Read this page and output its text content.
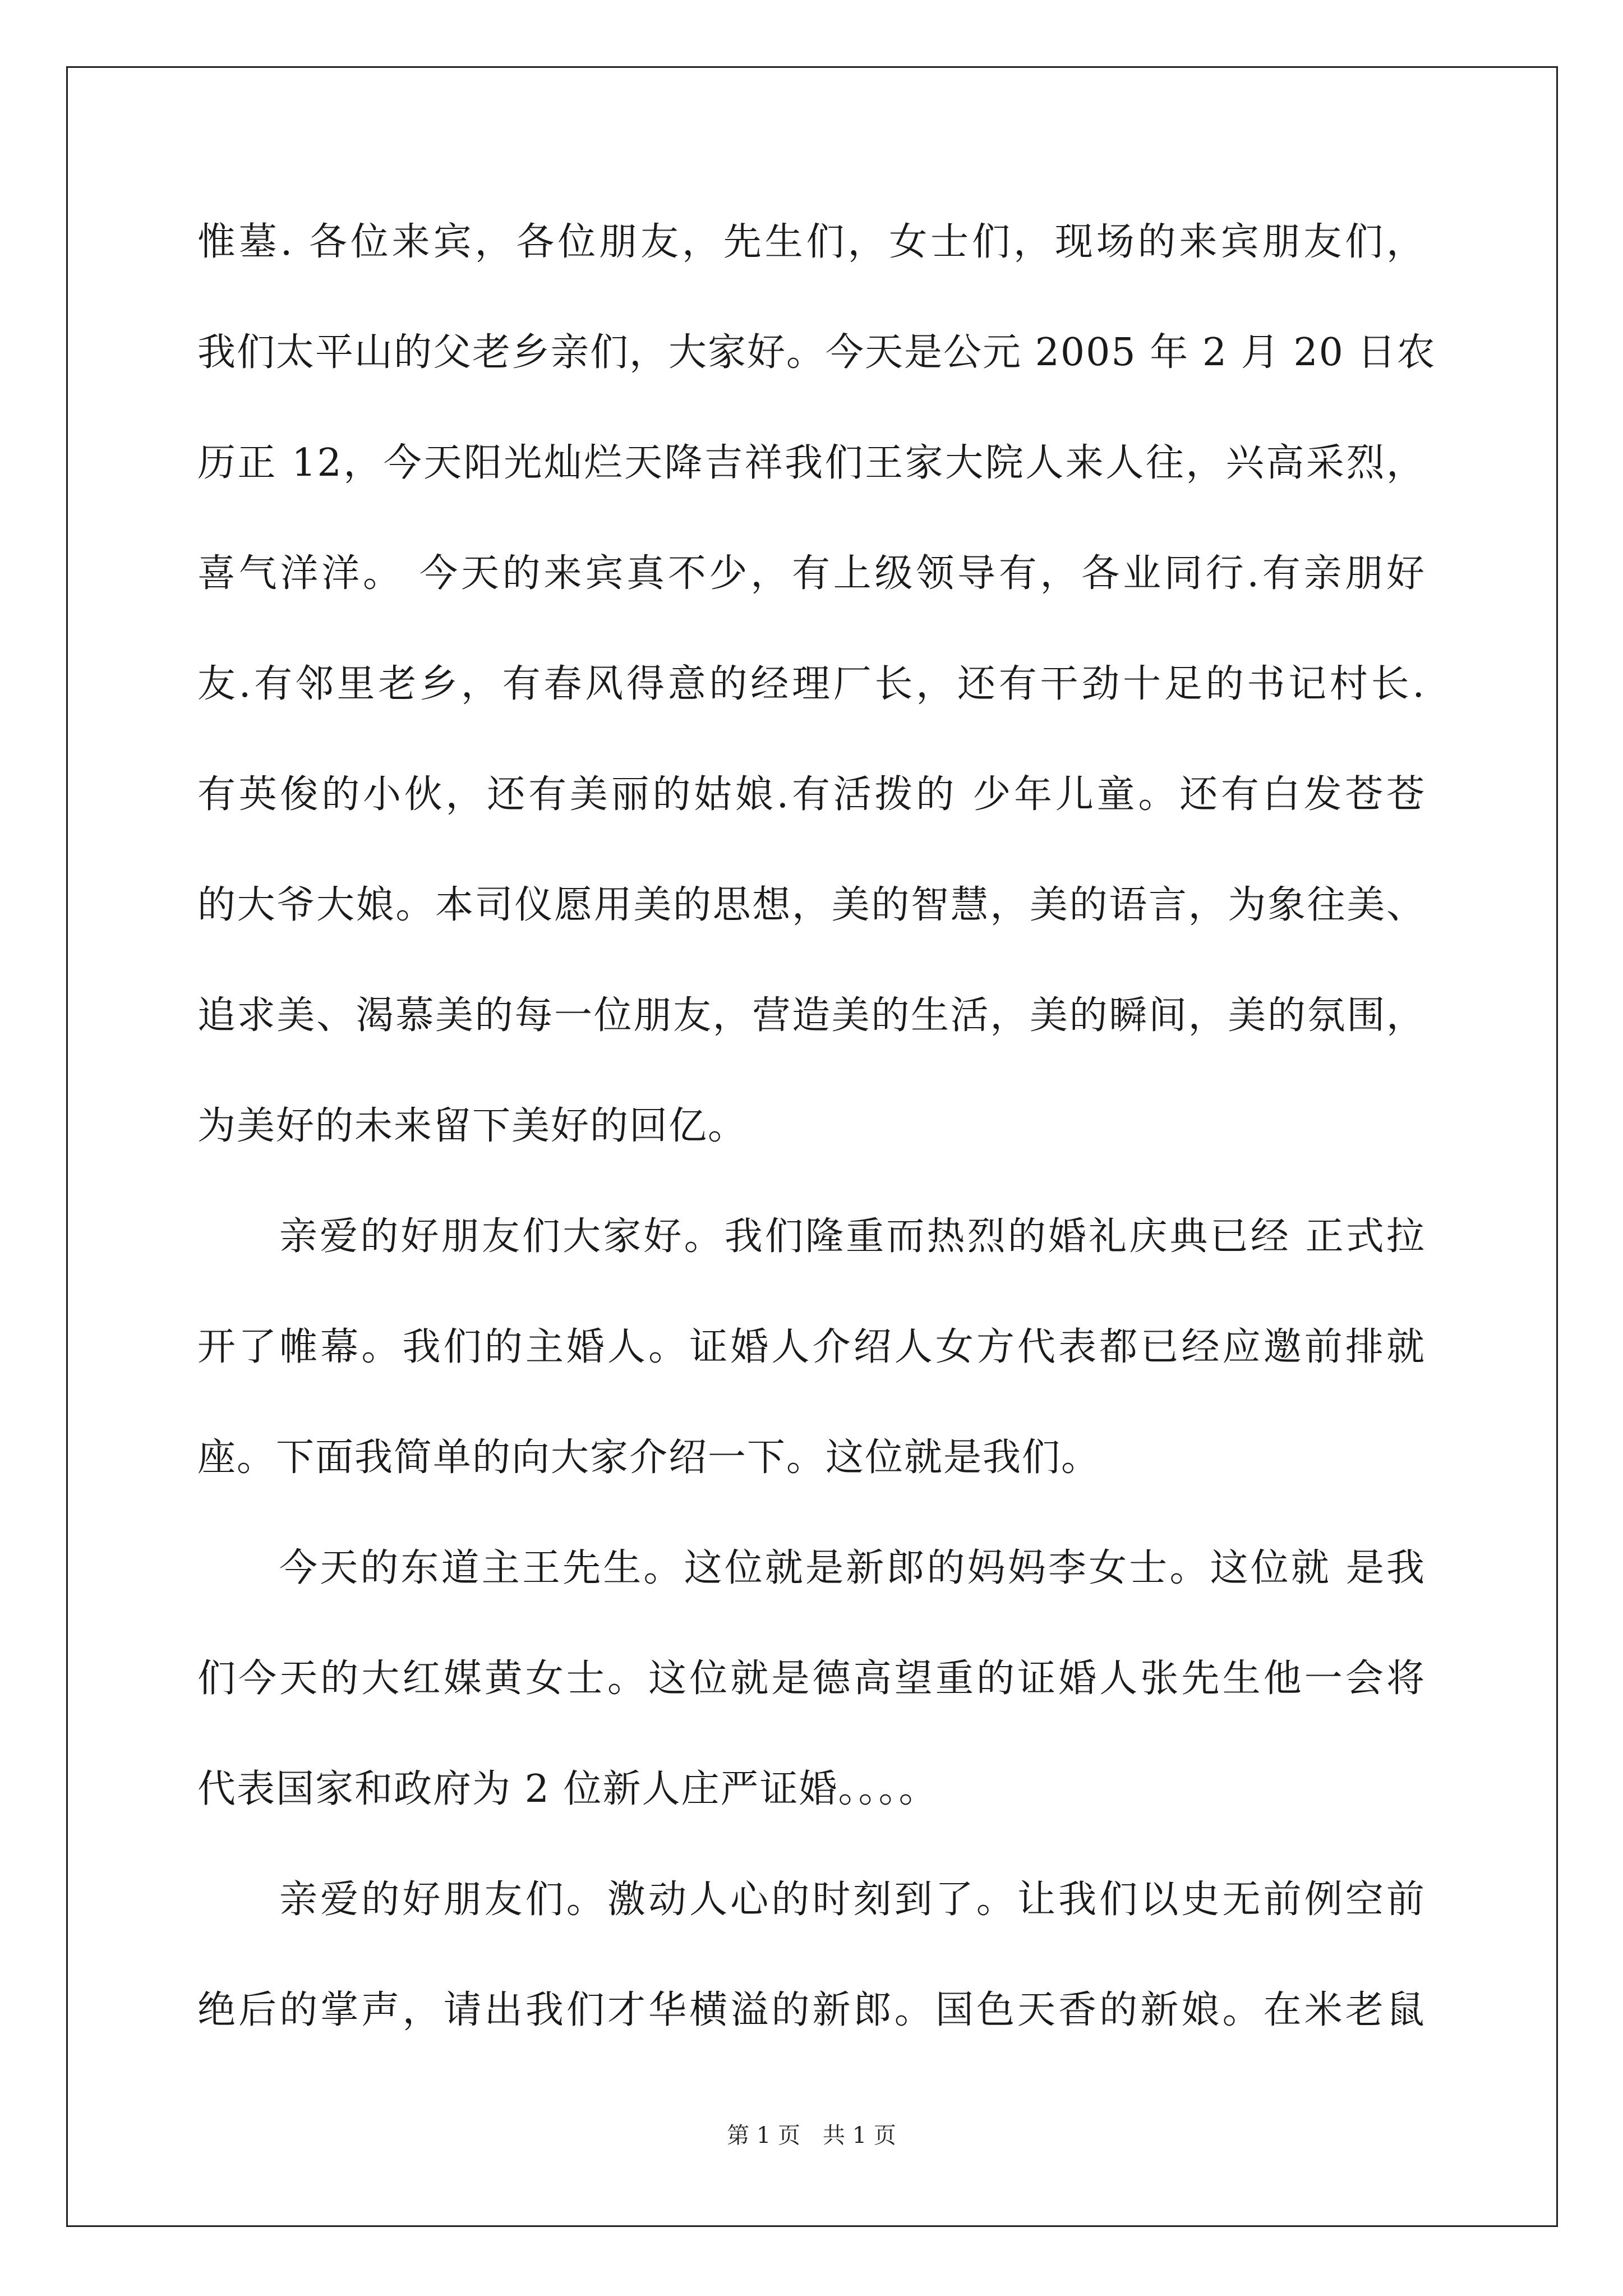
惟墓. 各位来宾，各位朋友，先生们，女士们，现场的来宾朋友们，
我们太平山的父老乡亲们，大家好。今天是公元 2005 年 2 月 20 日农
历正 12，今天阳光灿烂天降吉祥我们王家大院人来人往，兴高采烈，
喜气洋洋。 今天的来宾真不少，有上级领导有，各业同行.有亲朋好
友.有邻里老乡，有春风得意的经理厂长，还有干劲十足的书记村长.
有英俊的小伙，还有美丽的姑娘.有活拨的 少年儿童。还有白发苍苍
的大爷大娘。本司仪愿用美的思想，美的智慧，美的语言，为象往美、
追求美、渴慕美的每一位朋友，营造美的生活，美的瞬间，美的氛围，
为美好的未来留下美好的回亿。
亲爱的好朋友们大家好。我们隆重而热烈的婚礼庆典已经 正式拉
开了帷幕。我们的主婚人。证婚人介绍人女方代表都已经应邀前排就
座。下面我简单的向大家介绍一下。这位就是我们。
今天的东道主王先生。这位就是新郎的妈妈李女士。这位就 是我
们今天的大红媒黄女士。这位就是德高望重的证婚人张先生他一会将
代表国家和政府为 2 位新人庄严证婚。。。。
亲爱的好朋友们。激动人心的时刻到了。让我们以史无前例空前
绝后的掌声，请出我们才华横溢的新郎。国色天香的新娘。在米老鼠
第 1 页　共 1 页
